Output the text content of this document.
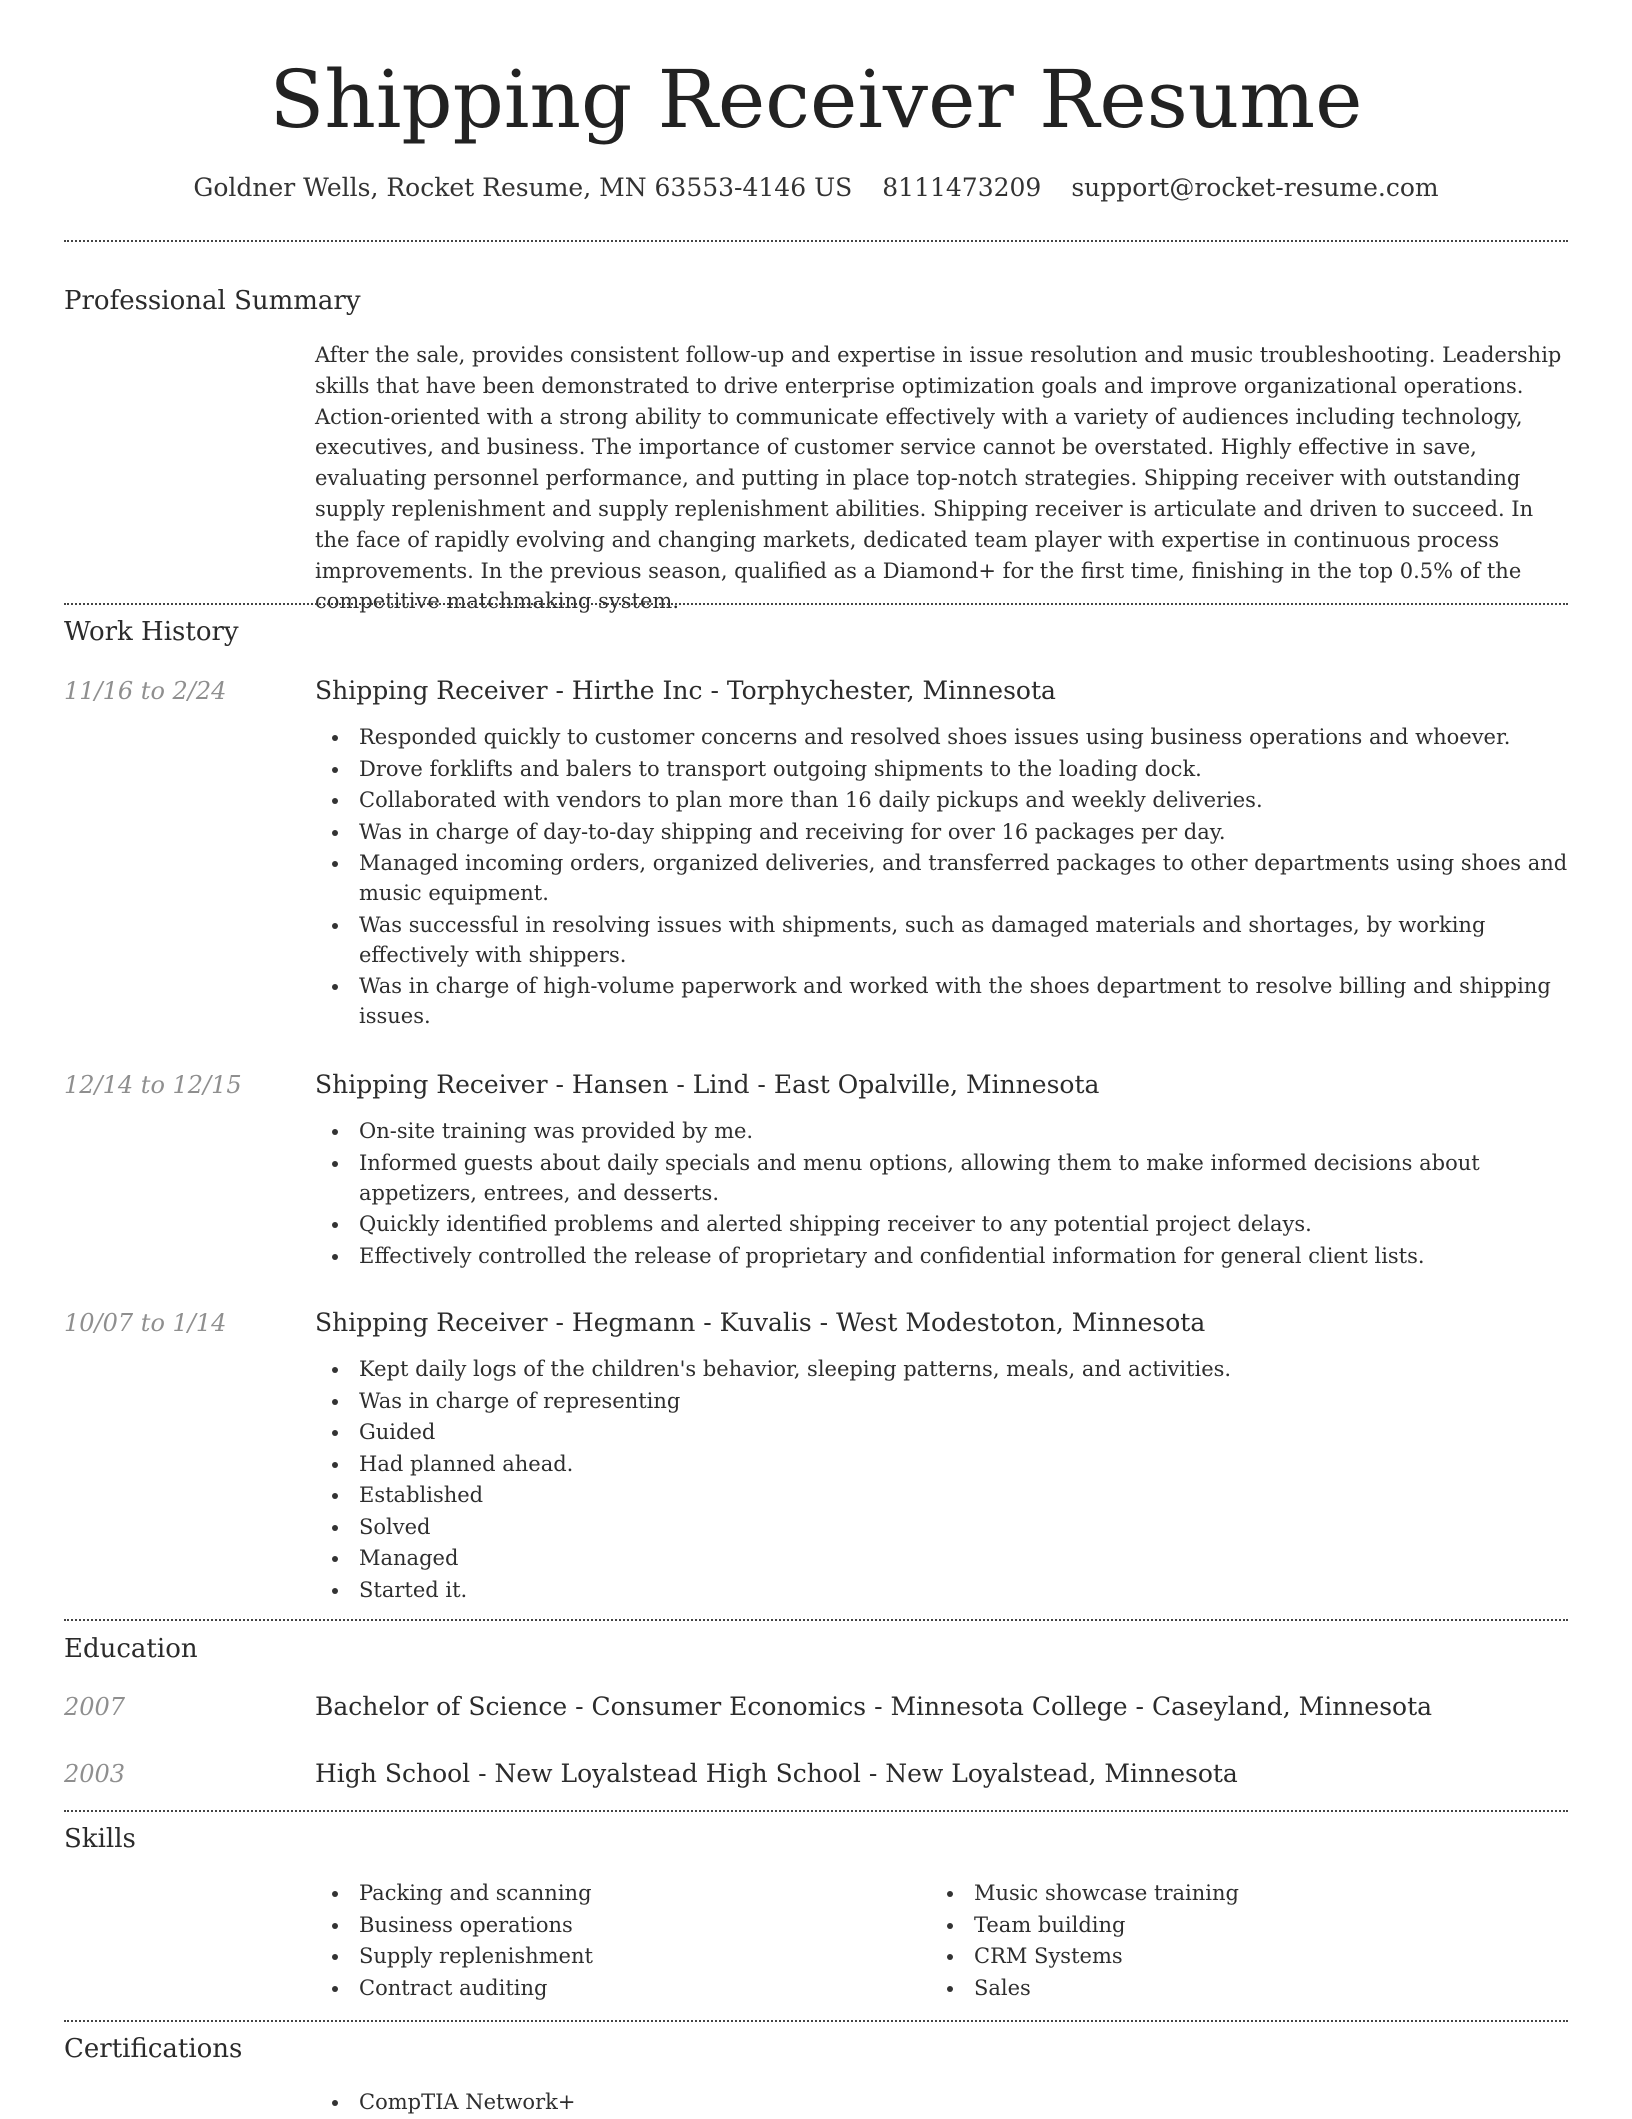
Shipping Receiver Resume
Goldner Wells, Rocket Resume, MN 63553-4146 US 8111473209 support@rocket-resume.com
Professional Summary

After the sale, provides consistent follow-up and expertise in issue resolution and music troubleshooting. Leadership skills that have been demonstrated to drive enterprise optimization goals and improve organizational operations. Action-oriented with a strong ability to communicate effectively with a variety of audiences including technology, executives, and business. The importance of customer service cannot be overstated. Highly effective in save, evaluating personnel performance, and putting in place top-notch strategies. Shipping receiver with outstanding supply replenishment and supply replenishment abilities. Shipping receiver is articulate and driven to succeed. In the face of rapidly evolving and changing markets, dedicated team player with expertise in continuous process improvements. In the previous season, qualified as a Diamond+ for the first time, finishing in the top 0.5% of the competitive matchmaking system.

Work History
11/16 to 2/24	Shipping Receiver - Hirthe Inc - Torphychester, Minnesota
Responded quickly to customer concerns and resolved shoes issues using business operations and whoever.
Drove forklifts and balers to transport outgoing shipments to the loading dock.
Collaborated with vendors to plan more than 16 daily pickups and weekly deliveries.
Was in charge of day-to-day shipping and receiving for over 16 packages per day.
Managed incoming orders, organized deliveries, and transferred packages to other departments using shoes and music equipment.
Was successful in resolving issues with shipments, such as damaged materials and shortages, by working effectively with shippers.
Was in charge of high-volume paperwork and worked with the shoes department to resolve billing and shipping issues.
12/14 to 12/15	Shipping Receiver - Hansen - Lind - East Opalville, Minnesota
On-site training was provided by me.
Informed guests about daily specials and menu options, allowing them to make informed decisions about appetizers, entrees, and desserts.
Quickly identified problems and alerted shipping receiver to any potential project delays.
Effectively controlled the release of proprietary and confidential information for general client lists.
10/07 to 1/14	Shipping Receiver - Hegmann - Kuvalis - West Modestoton, Minnesota
Kept daily logs of the children's behavior, sleeping patterns, meals, and activities.
Was in charge of representing
Guided
Had planned ahead.
Established
Solved
Managed
Started it.
Education
2007	Bachelor of Science - Consumer Economics - Minnesota College - Caseyland, Minnesota
2003	High School - New Loyalstead High School - New Loyalstead, Minnesota
Skills
Packing and scanning
Business operations
Supply replenishment
Contract auditing
Music showcase training
Team building
CRM Systems
Sales
Certifications
CompTIA Network+
